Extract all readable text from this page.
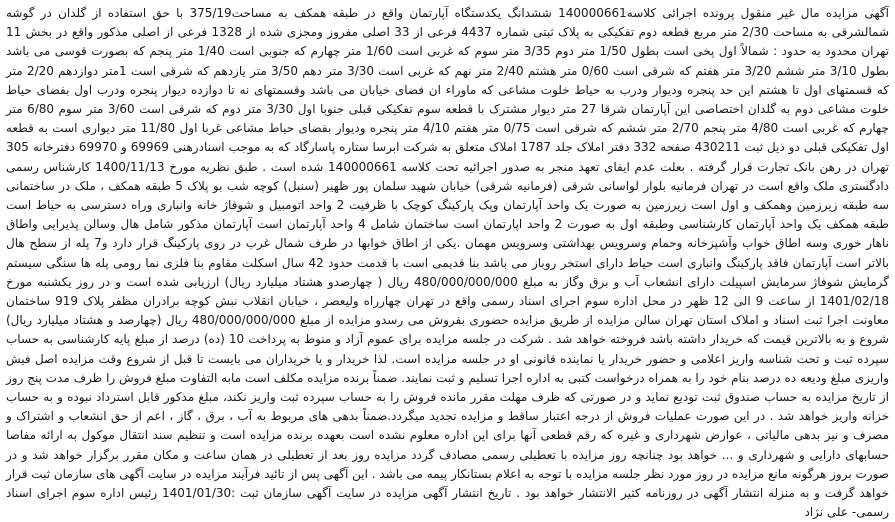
آگهی مزایده مال غیر منقول پرونده اجرائی کلاسه140000661 ششدانگ یکدستگاه آپارتمان واقع در طبقه همکف به مساحت375/19 با حق استفاده از گلدان در گوشه شمالشرقی به مساحت 2/30 متر مربع قطعه دوم تفکیکی به پلاک ثبتی شماره 4437 فرعی از 33 اصلی مفروز ومجزی شده از 1328 فرعی از اصلی مذکور واقع در بخش 11 تهران محدود به حدود : شمالاً اول پخی است بطول 1/50 متر دوم 3/35 متر سوم که غربی است 1/60 متر چهارم که جنوبی است 1/40 متر پنجم که بصورت قوسی می باشد بطول 3/10 متر ششم 3/20 متر هفتم که شرقی است 0/60 متر هشتم 2/40 متر نهم که غربی است 3/30 متر دهم 3/50 متر یازدهم که شرقی است 1متر دوازدهم 2/20 متر که قسمتهای اول تا هشتم این حد پنجره ودیوار ودرب به حیاط خلوت مشاعی که ماوراء ان فضای خیابان می باشد وقسمتهای نه تا دوازده دیوار پنجره ودرب اول بفضای حیاط خلوت مشاعی دوم به گلدان اختصاصی این آپارتمان شرقا 27 متر دیوار مشترک با قطعه سوم تفکیکی قبلی جنوبا اول 3/30 متر دوم که شرقی است 3/60 متر سوم 6/80 متر چهارم که غربی است 4/80 متر پنجم 2/70 متر ششم که شرقی است 0/75 متر هفتم 4/10 متر پنجره ودیوار بفضای حیاط مشاعی غربا اول 11/80 متر دیواری است به قطعه اول تفکیکی قبلی دو ذیل ثبت 430211 صفحه 332 دفتر املاک جلد 1787 املاک متعلق به شرکت ابرسا ستاره پاسارگاد که به موجب اسنادرهنی 69969 و 69970 دفترخانه 305 تهران در رهن بانک تجارت قرار گرفته . بعلت عدم ایفای تعهد منجر به صدور اجرائیه تحت کلاسه 140000661 شده است . طبق نظریه مورخ 1400/11/13 کارشناس رسمی دادگستری ملک واقع است در تهران فرمانیه بلوار لواسانی شرقی (فرمانیه شرقی) خیابان شهید سلمان پور ظهیر (سنبل) کوچه شب بو پلاک 5 طبقه همکف ، ملک در ساختمانی سه طبقه زیرزمین وهمکف و اول است زیرزمین به صورت یک واحد آپارتمان وپک پارکینگ کوچک با ظرفیت 2 واحد اتومبیل و شوفاژ خانه وانباری وراه دسترسی به حیاط است طبقه همکف یک واحد آپارتمان کارشناسی وطبقه اول به صورت 2 واحد اپارتمان است ساختمان شامل 4 واحد آپارتمان است آپارتمان مذکور شامل هال وسالن پذیرایی واطاق ناهار خوری وسه اطاق خواب وآشپزخانه وحمام وسرویس بهداشتی وسرویس مهمان .یکی از اطاق خوابها در طرف شمال غرب در روی پارکینگ قرار دارد و7 پله از سطح هال بالاتر است آپارتمان فاقد پارکینگ وانباری است حیاط دارای استخر روباز می باشد بنا قدیمی است با قدمت حدود 42 سال اسکلت مقاوم بنا فلزی نما رومی پله ها سنگی سیستم گرمایش شوفاژ سرمایش اسپیلت دارای انشعاب آب و برق وگاز به مبلغ 480/000/000/000 ریال ( چهارصدو هشتاد میلیارد ریال) ارزیابی شده است و در روز یکشنبه مورخ 1401/02/18 از ساعت 9 الی 12 ظهر در محل اداره سوم اجرای اسناد رسمی واقع در تهران چهارراه ولیعصر ، خیابان انقلاب نبش کوچه برادران مظفر پلاک 919 ساختمان معاونت اجرا ثبت اسناد و املاک استان تهران سالن مزایده از طریق مزایده حضوری بفروش می رسدو مزایده از مبلغ 480/000/000/000 ریال (چهارصد و هشتاد میلیارد ریال) شروع و به بالاترین قیمت که خریدار داشته باشد فروخته خواهد شد . شرکت در جلسه مزایده برای عموم آزاد و منوط به پرداخت 10 (ده) درصد از مبلغ پایه کارشناسی به حساب سپرده ثبت و تحت شناسه واریز اعلامی و حضور خریدار یا نماینده قانونی او در جلسه مزایده است. لذا خریدار و یا خریداران می بایست تا قبل از شروع وقت مزایده اصل فیش واریزی مبلغ ودیعه ده درصد بنام خود را به همراه درخواست کتبی به اداره اجرا تسلیم و ثبت نمایند. ضمناً برنده مزایده مکلف است مابه التفاوت مبلغ فروش را ظرف مدت پنج روز از تاریخ مزایده به حساب صندوق ثبت تودیع نماید و در صورتی که ظرف مهلت مقرر مانده فروش را به حساب سپرده ثبت واریز نکند، مبلغ مذکور قابل استرداد نبوده و به حساب خزانه واریز خواهد شد . در این صورت عملیات فروش از درجه اعتبار ساقط و مزایده تجدید میگردد.ضمناً بدهی های مربوط به آب ، برق ، گاز ، اعم از حق انشعاب و اشتراک و مصرف و نیز بدهی مالیاتی ، عوارض شهرداری و غیره که رقم قطعی آنها برای این اداره معلوم نشده است بعهده برنده مزایده است و تنظیم سند انتقال موکول به ارائه مفاصا حسابهای دارایی و شهرداری و ... خواهد بود چنانچه روز مزایده با تعطیلی رسمی مصادف گردد مزایده روز بعد از تعطیلی در همان ساعت و مکان مقرر برگزار خواهد شد و در صورت بروز هرگونه مانع مزایده در روز مورد نظر جلسه مزایده با توجه به اعلام بستانکار پیمه می باشد . این آگهی پس از تائید فرآیند مزایده در سایت آگهی های سازمان ثبت قرار خواهد گرفت و به منزله انتشار آگهی در روزنامه کثیر الانتشار خواهد بود . تاریخ انتشار آگهی مزایده در سایت آگهی سازمان ثبت :1401/01/30 رئیس اداره سوم اجرای اسناد رسمی- علی نژاد
